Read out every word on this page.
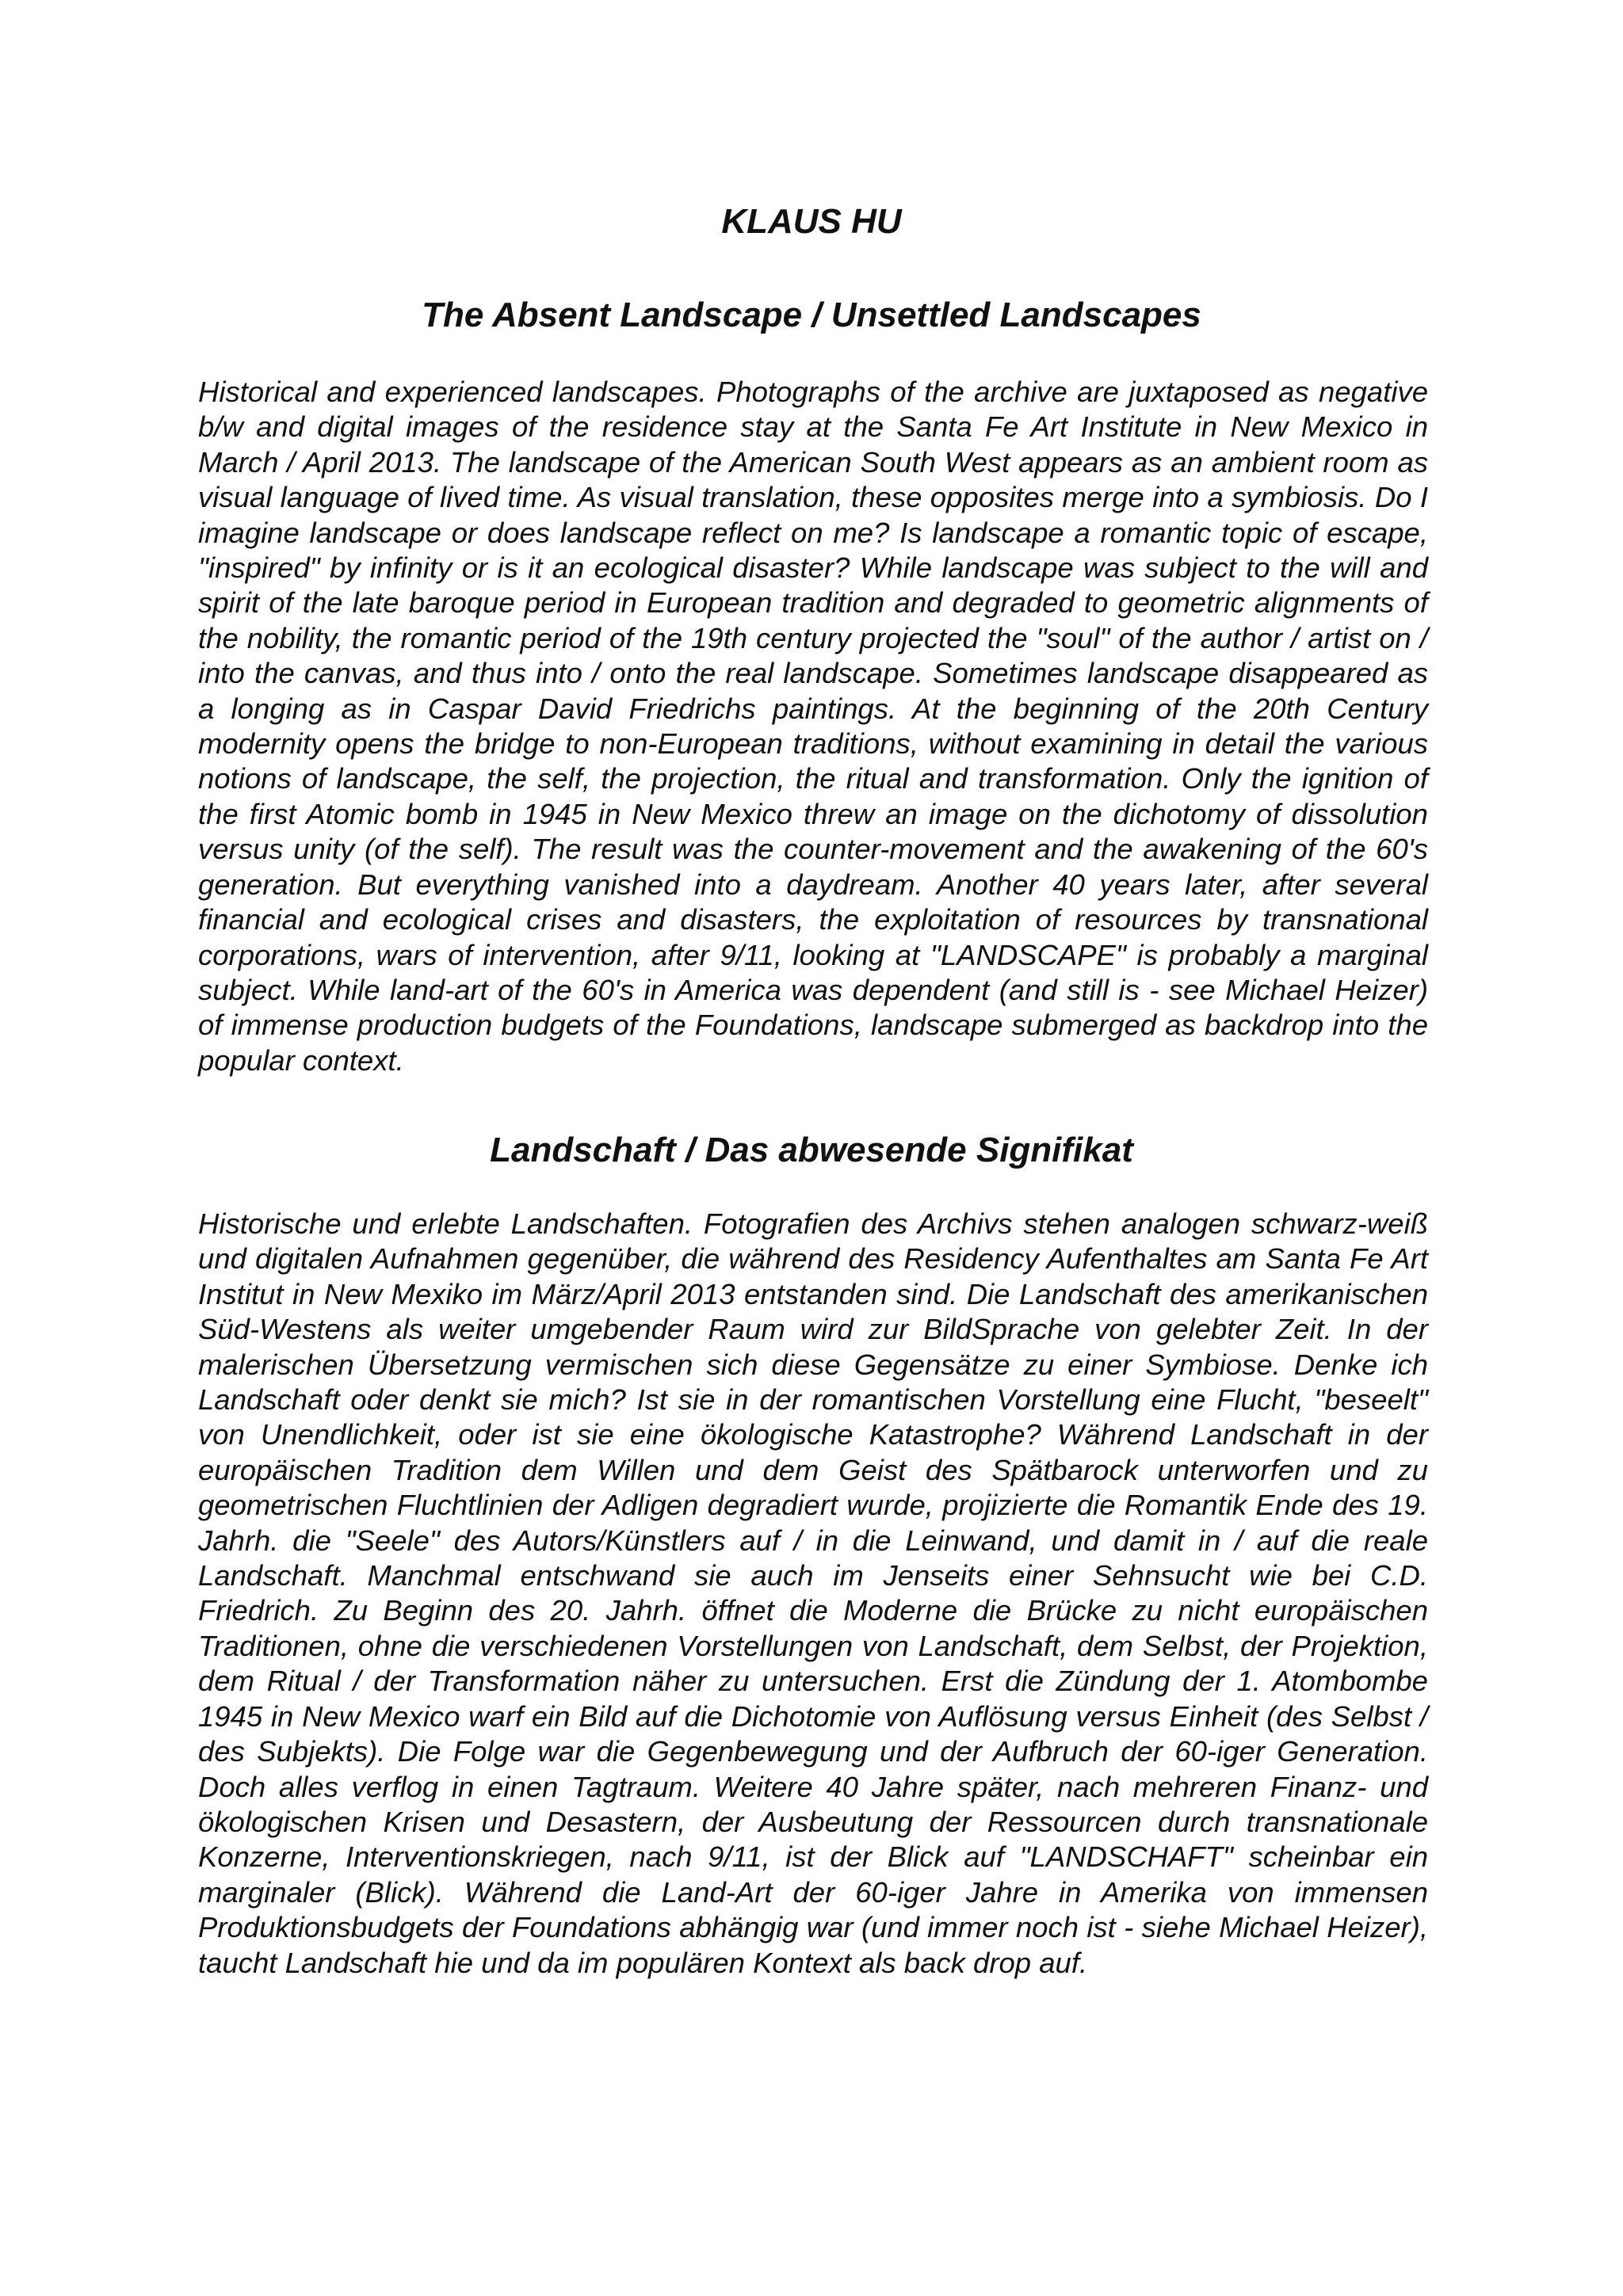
KLAUS HU
The Absent Landscape / Unsettled Landscapes

Historical and experienced landscapes. Photographs of the archive are juxtaposed as negative b/w and digital images of the residence stay at the Santa Fe Art Institute in New Mexico in March / April 2013. The landscape of the American South West appears as an ambient room as visual language of lived time. As visual translation, these opposites merge into a symbiosis. Do I imagine landscape or does landscape reflect on me? Is landscape a romantic topic of escape, "inspired" by infinity or is it an ecological disaster? While landscape was subject to the will and spirit of the late baroque period in European tradition and degraded to geometric alignments of the nobility, the romantic period of the 19th century projected the "soul" of the author / artist on / into the canvas, and thus into / onto the real landscape. Sometimes landscape disappeared as a longing as in Caspar David Friedrichs paintings. At the beginning of the 20th Century modernity opens the bridge to non-European traditions, without examining in detail the various notions of landscape, the self, the projection, the ritual and transformation. Only the ignition of the first Atomic bomb in 1945 in New Mexico threw an image on the dichotomy of dissolution versus unity (of the self). The result was the counter-movement and the awakening of the 60's generation. But everything vanished into a daydream. Another 40 years later, after several financial and ecological crises and disasters, the exploitation of resources by transnational corporations, wars of intervention, after 9/11, looking at "LANDSCAPE" is probably a marginal subject. While land-art of the 60's in America was dependent (and still is - see Michael Heizer) of immense production budgets of the Foundations, landscape submerged as backdrop into the popular context.

Landschaft / Das abwesende Signifikat

Historische und erlebte Landschaften. Fotografien des Archivs stehen analogen schwarz-weiß und digitalen Aufnahmen gegenüber, die während des Residency Aufenthaltes am Santa Fe Art Institut in New Mexiko im März/April 2013 entstanden sind. Die Landschaft des amerikanischen Süd-Westens als weiter umgebender Raum wird zur BildSprache von gelebter Zeit. In der malerischen Übersetzung vermischen sich diese Gegensätze zu einer Symbiose. Denke ich Landschaft oder denkt sie mich? Ist sie in der romantischen Vorstellung eine Flucht, "beseelt" von Unendlichkeit, oder ist sie eine ökologische Katastrophe? Während Landschaft in der europäischen Tradition dem Willen und dem Geist des Spätbarock unterworfen und zu geometrischen Fluchtlinien der Adligen degradiert wurde, projizierte die Romantik Ende des 19. Jahrh. die "Seele" des Autors/Künstlers auf / in die Leinwand, und damit in / auf die reale Landschaft. Manchmal entschwand sie auch im Jenseits einer Sehnsucht wie bei C.D. Friedrich. Zu Beginn des 20. Jahrh. öffnet die Moderne die Brücke zu nicht europäischen Traditionen, ohne die verschiedenen Vorstellungen von Landschaft, dem Selbst, der Projektion, dem Ritual / der Transformation näher zu untersuchen. Erst die Zündung der 1. Atombombe 1945 in New Mexico warf ein Bild auf die Dichotomie von Auflösung versus Einheit (des Selbst / des Subjekts). Die Folge war die Gegenbewegung und der Aufbruch der 60-iger Generation. Doch alles verflog in einen Tagtraum. Weitere 40 Jahre später, nach mehreren Finanz- und ökologischen Krisen und Desastern, der Ausbeutung der Ressourcen durch transnationale Konzerne, Interventionskriegen, nach 9/11, ist der Blick auf "LANDSCHAFT" scheinbar ein marginaler (Blick). Während die Land-Art der 60-iger Jahre in Amerika von immensen Produktionsbudgets der Foundations abhängig war (und immer noch ist - siehe Michael Heizer), taucht Landschaft hie und da im populären Kontext als back drop auf.
